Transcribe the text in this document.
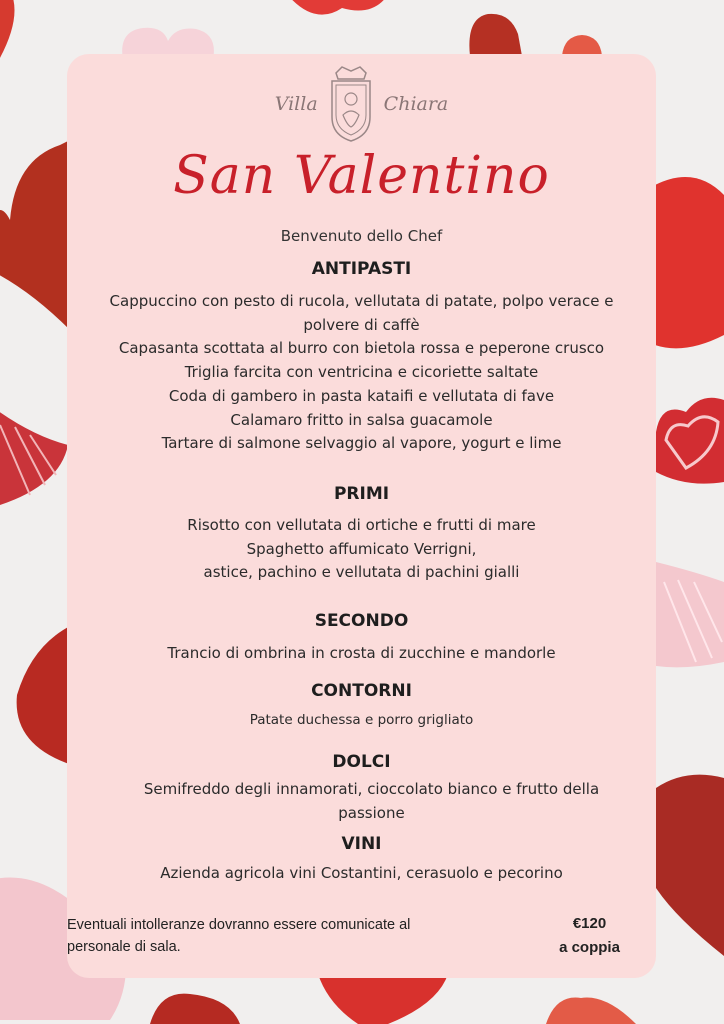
Villa	Chiara
San Valentino
Benvenuto dello Chef
ANTIPASTI
Cappuccino con pesto di rucola, vellutata di patate, polpo verace e polvere di caffè
Capasanta scottata al burro con bietola rossa e peperone crusco
Triglia farcita con ventricina e cicoriette saltate
Coda di gambero in pasta kataifi e vellutata di fave
Calamaro fritto in salsa guacamole
Tartare di salmone selvaggio al vapore, yogurt e lime
PRIMI
Risotto con vellutata di ortiche e frutti di mare
Spaghetto affumicato Verrigni,
astice, pachino e vellutata di pachini gialli
SECONDO
Trancio di ombrina in crosta di zucchine e mandorle
CONTORNI
Patate duchessa e porro grigliato
DOLCI
Semifreddo degli innamorati, cioccolato bianco e frutto della passione
VINI
Azienda agricola vini Costantini, cerasuolo e pecorino
Eventuali intolleranze dovranno essere comunicate al personale di sala.
€120
a coppia
